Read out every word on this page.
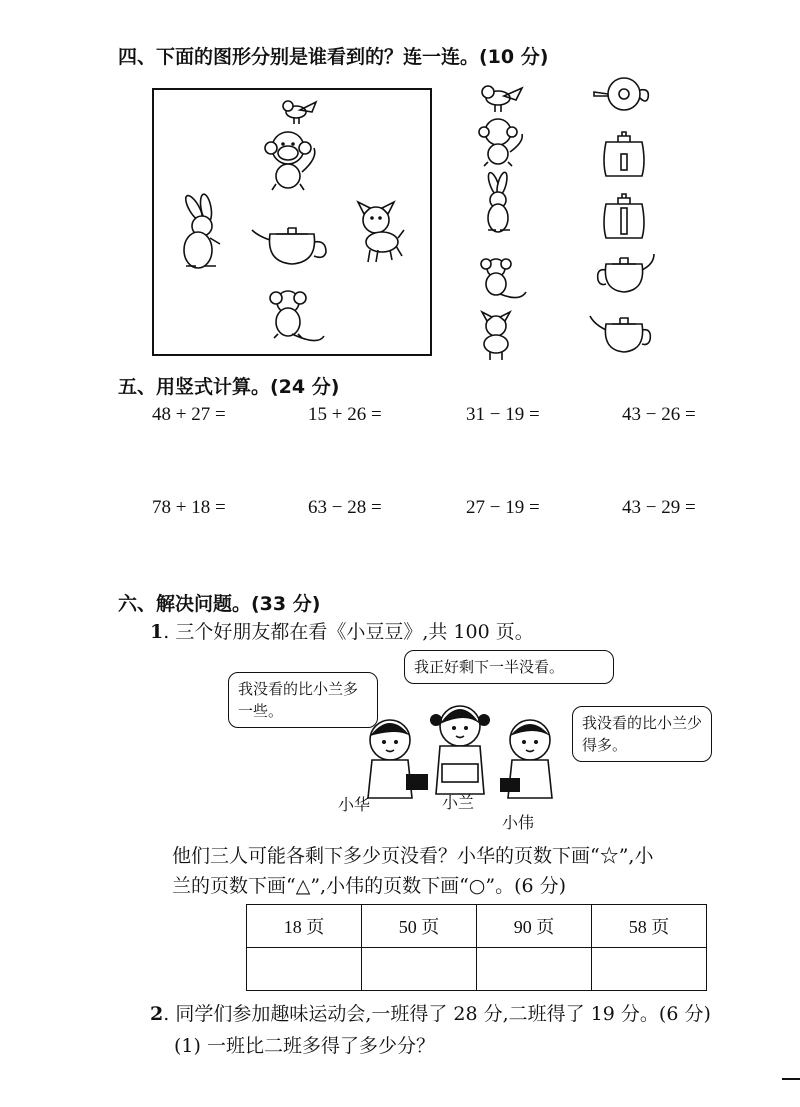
四、下面的图形分别是谁看到的？连一连。(10 分)
五、用竖式计算。(24 分)
48 + 27 =	15 + 26 =	31 − 19 =	43 − 26 =
78 + 18 =	63 − 28 =	27 − 19 =	43 − 29 =
六、解决问题。(33 分)
1. 三个好朋友都在看《小豆豆》,共 100 页。
我没看的比小兰多一些。
我正好剩下一半没看。
我没看的比小兰少得多。
小华	小兰
小伟
他们三人可能各剩下多少页没看？小华的页数下画“☆”,小
兰的页数下画“△”,小伟的页数下画“○”。(6 分)
18 页	50 页	90 页	58 页

2. 同学们参加趣味运动会,一班得了 28 分,二班得了 19 分。(6 分)
(1) 一班比二班多得了多少分？
